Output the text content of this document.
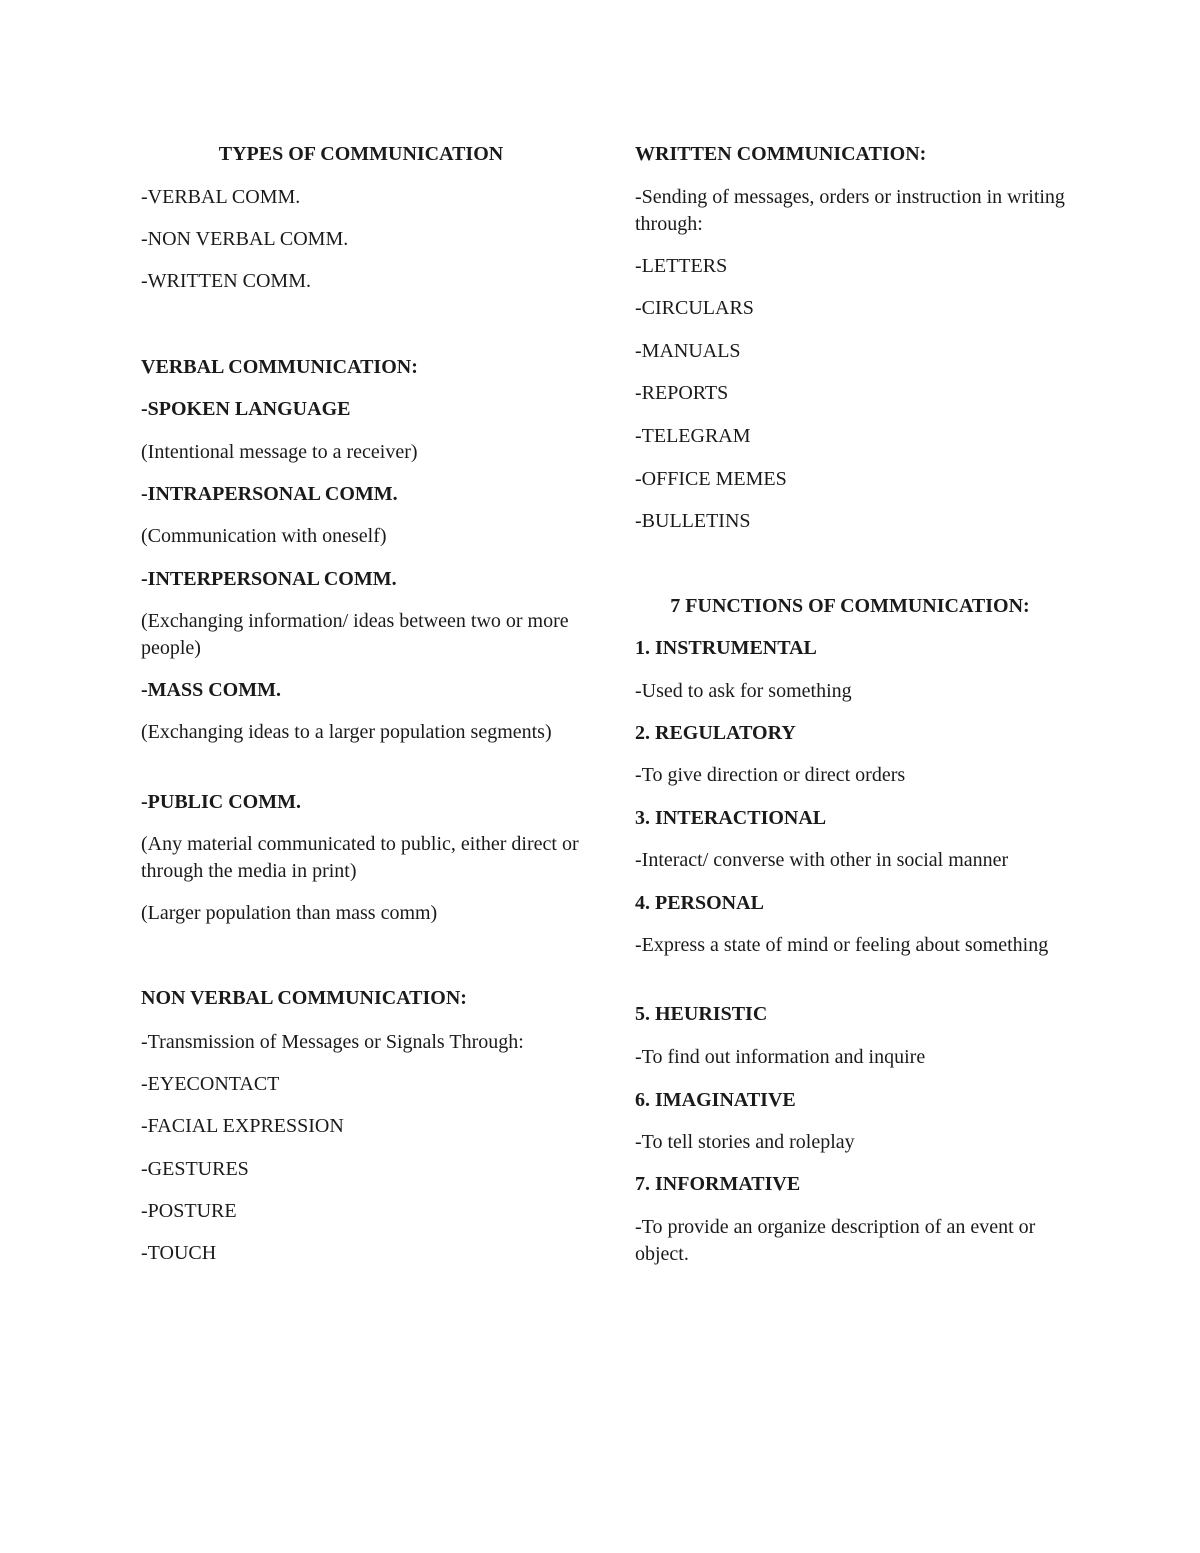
TYPES OF COMMUNICATION

-VERBAL COMM.

-NON VERBAL COMM.

-WRITTEN COMM.

VERBAL COMMUNICATION:

-SPOKEN LANGUAGE

(Intentional message to a receiver)

-INTRAPERSONAL COMM.

(Communication with oneself)

-INTERPERSONAL COMM.

(Exchanging information/ ideas between two or more people)

-MASS COMM.

(Exchanging ideas to a larger population segments)

-PUBLIC COMM.

(Any material communicated to public, either direct or through the media in print)

(Larger population than mass comm)

NON VERBAL COMMUNICATION:

-Transmission of Messages or Signals Through:

-EYECONTACT

-FACIAL EXPRESSION

-GESTURES

-POSTURE

-TOUCH

WRITTEN COMMUNICATION:

-Sending of messages, orders or instruction in writing through:

-LETTERS

-CIRCULARS

-MANUALS

-REPORTS

-TELEGRAM

-OFFICE MEMES

-BULLETINS

7 FUNCTIONS OF COMMUNICATION:

1. INSTRUMENTAL

-Used to ask for something

2. REGULATORY

-To give direction or direct orders

3. INTERACTIONAL

-Interact/ converse with other in social manner

4. PERSONAL

-Express a state of mind or feeling about something

5. HEURISTIC

-To find out information and inquire

6. IMAGINATIVE

-To tell stories and roleplay

7. INFORMATIVE

-To provide an organize description of an event or object.
